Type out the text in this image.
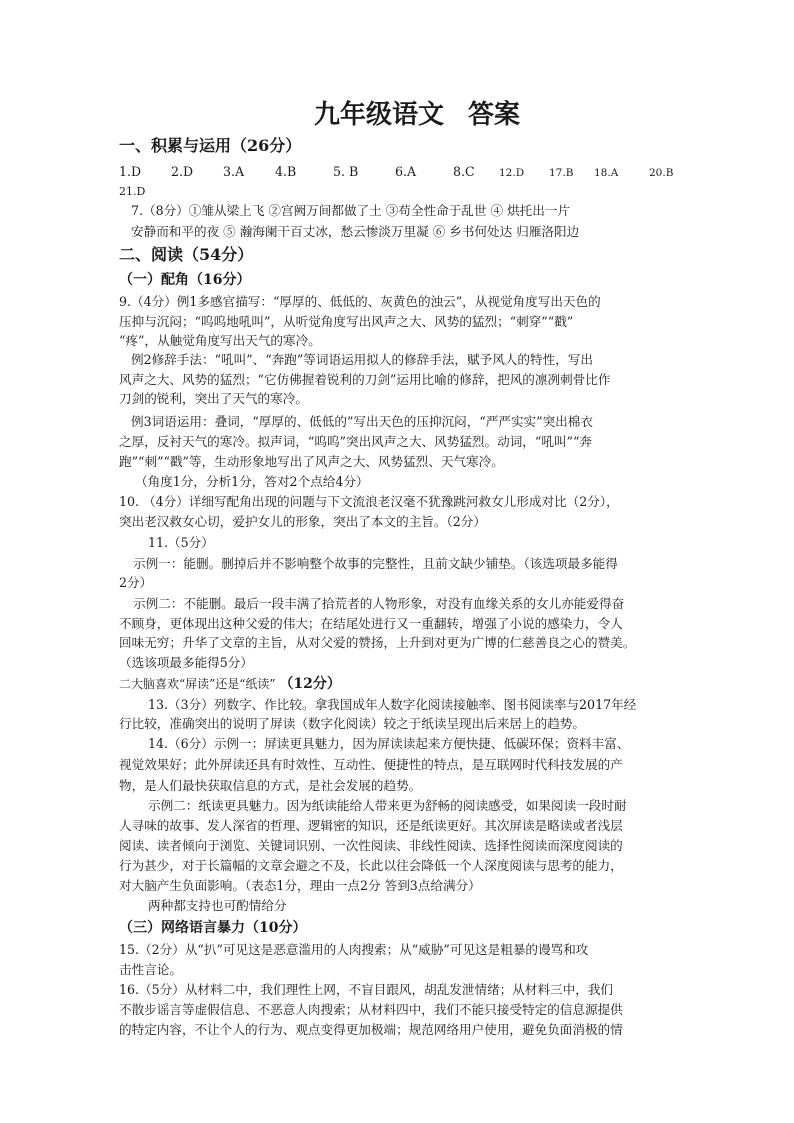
九年级语文 答案
一、积累与运用（26分）
1.D 2.D 3.A 4.B	5. B	6.A	8.C 12.D 17.B 18.A	20.B
21.D
7.（8分）①雏从梁上飞 ②宫阙万间都做了土 ③苟全性命于乱世 ④ 烘托出一片
安静而和平的夜 ⑤ 瀚海阑干百丈冰，愁云惨淡万里凝 ⑥ 乡书何处达 归雁洛阳边
二、阅读（54分）
（一）配角（16分）
9.（4分）例1多感官描写：“厚厚的、低低的、灰黄色的浊云”，从视觉角度写出天色的
压抑与沉闷；“呜呜地吼叫”，从听觉角度写出风声之大、风势的猛烈；“刺穿”“戳”
“疼”，从触觉角度写出天气的寒冷。
例2修辞手法：“吼叫”、“奔跑”等词语运用拟人的修辞手法，赋予风人的特性，写出
风声之大、风势的猛烈；“它仿佛握着锐利的刀剑”运用比喻的修辞，把风的凛冽刺骨比作
刀剑的锐利，突出了天气的寒冷。
例3词语运用：叠词，“厚厚的、低低的”写出天色的压抑沉闷，“严严实实”突出棉衣
之厚，反衬天气的寒冷。拟声词，“呜呜”突出风声之大、风势猛烈。动词，“吼叫”“奔
跑”“刺”“戳”等，生动形象地写出了风声之大、风势猛烈、天气寒冷。
（角度1分，分析1分，答对2个点给4分）
10. （4分）详细写配角出现的问题与下文流浪老汉毫不犹豫跳河救女儿形成对比（2分），
突出老汉救女心切，爱护女儿的形象，突出了本文的主旨。（2分）
11.（5分）
示例一：能删。删掉后并不影响整个故事的完整性，且前文缺少铺垫。（该选项最多能得
2分）
示例二：不能删。最后一段丰满了拾荒者的人物形象，对没有血缘关系的女儿亦能爱得奋
不顾身，更体现出这种父爱的伟大；在结尾处进行又一重翻转，增强了小说的感染力，令人
回味无穷；升华了文章的主旨，从对父爱的赞扬，上升到对更为广博的仁慈善良之心的赞美。
（选该项最多能得5分）
二大脑喜欢“屏读”还是“纸读” （12分）
13.（3分）列数字、作比较。拿我国成年人数字化阅读接触率、图书阅读率与2017年经
行比较，准确突出的说明了屏读（数字化阅读）较之于纸读呈现出后来居上的趋势。
14.（6分）示例一：屏读更具魅力，因为屏读读起来方便快捷、低碳环保；资料丰富、
视觉效果好；此外屏读还具有时效性、互动性、便捷性的特点，是互联网时代科技发展的产
物，是人们最快获取信息的方式，是社会发展的趋势。
示例二：纸读更具魅力。因为纸读能给人带来更为舒畅的阅读感受，如果阅读一段时耐
人寻味的故事、发人深省的哲理、逻辑密的知识，还是纸读更好。其次屏读是略读或者浅层
阅读、读者倾向于浏览、关键词识别、一次性阅读、非线性阅读、选择性阅读而深度阅读的
行为甚少，对于长篇幅的文章会避之不及，长此以往会降低一个人深度阅读与思考的能力，
对大脑产生负面影响。（表态1分，理由一点2分 答到3点给满分）
两种都支持也可酌情给分
（三）网络语言暴力（10分）
15.（2分）从“扒”可见这是恶意滥用的人肉搜索；从“威胁”可见这是粗暴的谩骂和攻
击性言论。
16.（5分）从材料二中，我们理性上网，不盲目跟风，胡乱发泄情绪；从材料三中，我们
不散步谣言等虚假信息、不恶意人肉搜索；从材料四中，我们不能只接受特定的信息源提供
的特定内容，不让个人的行为、观点变得更加极端；规范网络用户使用，避免负面消极的情
